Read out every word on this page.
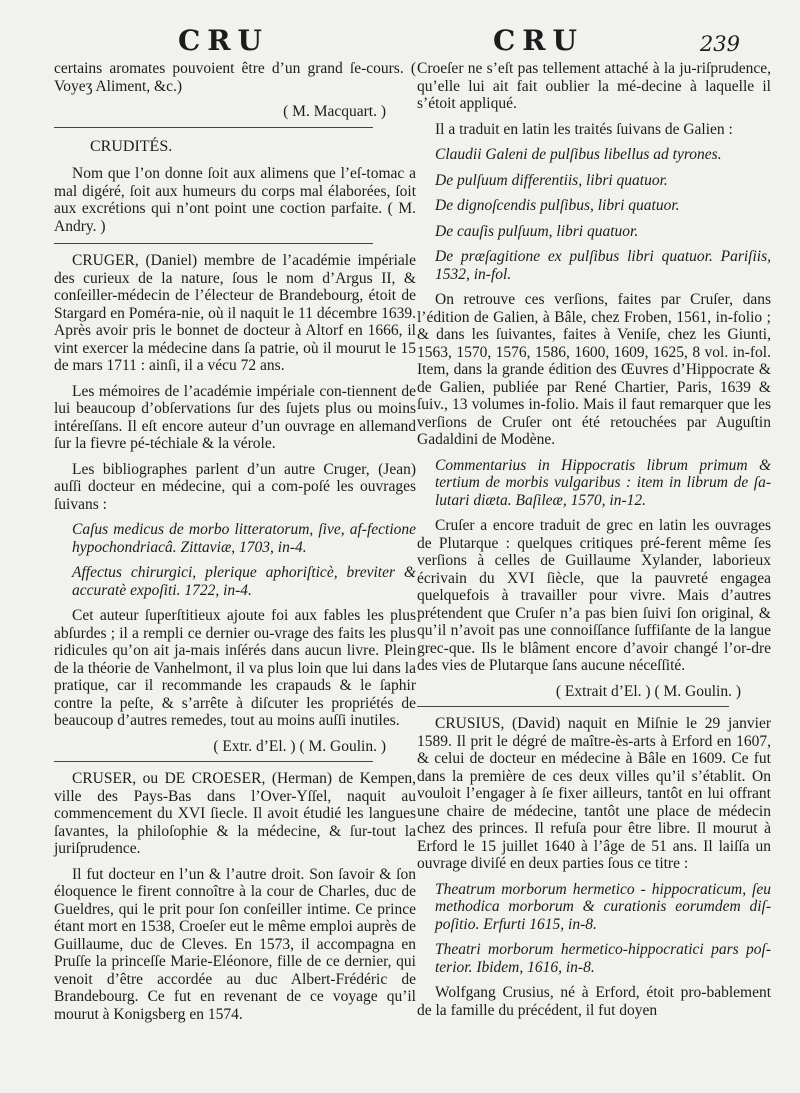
CRU	CRU	239

certains aromates pouvoient être d’un grand ſe-cours. ( Voyeʒ Aliment, &c.)

( M. Macquart. )

CRUDITÉS.

Nom que l’on donne ſoit aux alimens que l’eſ-tomac a mal digéré, ſoit aux humeurs du corps mal élaborées, ſoit aux excrétions qui n’ont point une coction parfaite. ( M. Andry. )

CRUGER, (Daniel) membre de l’académie impériale des curieux de la nature, ſous le nom d’Argus II, & conſeiller-médecin de l’électeur de Brandebourg, étoit de Stargard en Poméra-nie, où il naquit le 11 décembre 1639. Après avoir pris le bonnet de docteur à Altorf en 1666, il vint exercer la médecine dans ſa patrie, où il mourut le 15 de mars 1711 : ainſi, il a vécu 72 ans.

Les mémoires de l’académie impériale con-tiennent de lui beaucoup d’obſervations ſur des ſujets plus ou moins intéreſſans. Il eſt encore auteur d’un ouvrage en allemand ſur la fievre pé-téchiale & la vérole.

Les bibliographes parlent d’un autre Cruger, (Jean) auſſi docteur en médecine, qui a com-poſé les ouvrages ſuivans :

Caſus medicus de morbo litteratorum, ſive, af-fectione hypochondriacâ. Zittaviæ, 1703, in-4.

Affectus chirurgici, plerique aphoriſticè, breviter & accuratè expoſiti. 1722, in-4.

Cet auteur ſuperſtitieux ajoute foi aux fables les plus abſurdes ; il a rempli ce dernier ou-vrage des faits les plus ridicules qu’on ait ja-mais inſérés dans aucun livre. Plein de la théorie de Vanhelmont, il va plus loin que lui dans la pratique, car il recommande les crapauds & le ſaphir contre la peſte, & s’arrête à diſcuter les propriétés de beaucoup d’autres remedes, tout au moins auſſi inutiles.

( Extr. d’El. ) ( M. Goulin. )

CRUSER, ou DE CROESER, (Herman) de Kempen, ville des Pays-Bas dans l’Over-Yſſel, naquit au commencement du XVI ſiecle. Il avoit étudié les langues ſavantes, la philoſophie & la médecine, & ſur-tout la juriſprudence.

Il fut docteur en l’un & l’autre droit. Son ſavoir & ſon éloquence le firent connoître à la cour de Charles, duc de Gueldres, qui le prit pour ſon conſeiller intime. Ce prince étant mort en 1538, Croeſer eut le même emploi auprès de Guillaume, duc de Cleves. En 1573, il accompagna en Pruſſe la princeſſe Marie-Eléonore, fille de ce dernier, qui venoit d’être accordée au duc Albert-Frédéric de Brandebourg. Ce fut en revenant de ce voyage qu’il mourut à Konigsberg en 1574.

Croeſer ne s’eſt pas tellement attaché à la ju-riſprudence, qu’elle lui ait fait oublier la mé-decine à laquelle il s’étoit appliqué.

Il a traduit en latin les traités ſuivans de Galien :

Claudii Galeni de pulſibus libellus ad tyrones.

De pulſuum differentiis, libri quatuor.

De dignoſcendis pulſibus, libri quatuor.

De cauſis pulſuum, libri quatuor.

De præſagitione ex pulſibus libri quatuor. Pariſiis, 1532, in-fol.

On retrouve ces verſions, faites par Cruſer, dans l’édition de Galien, à Bâle, chez Froben, 1561, in-folio ; & dans les ſuivantes, faites à Veniſe, chez les Giunti, 1563, 1570, 1576, 1586, 1600, 1609, 1625, 8 vol. in-fol. Item, dans la grande édition des Œuvres d’Hippocrate & de Galien, publiée par René Chartier, Paris, 1639 & ſuiv., 13 volumes in-folio. Mais il faut remarquer que les verſions de Cruſer ont été retouchées par Auguſtin Gadaldini de Modène.

Commentarius in Hippocratis librum primum & tertium de morbis vulgaribus : item in librum de ſa-lutari diæta. Baſileæ, 1570, in-12.

Cruſer a encore traduit de grec en latin les ouvrages de Plutarque : quelques critiques pré-ferent même ſes verſions à celles de Guillaume Xylander, laborieux écrivain du XVI ſiècle, que la pauvreté engagea quelquefois à travailler pour vivre. Mais d’autres prétendent que Cruſer n’a pas bien ſuivi ſon original, & qu’il n’avoit pas une connoiſſance ſuffiſante de la langue grec-que. Ils le blâment encore d’avoir changé l’or-dre des vies de Plutarque ſans aucune néceſſité.

( Extrait d’El. ) ( M. Goulin. )

CRUSIUS, (David) naquit en Miſnie le 29 janvier 1589. Il prit le dégré de maître-ès-arts à Erford en 1607, & celui de docteur en médecine à Bâle en 1609. Ce fut dans la première de ces deux villes qu’il s’établit. On vouloit l’engager à ſe fixer ailleurs, tantôt en lui offrant une chaire de médecine, tantôt une place de médecin chez des princes. Il refuſa pour être libre. Il mourut à Erford le 15 juillet 1640 à l’âge de 51 ans. Il laiſſa un ouvrage diviſé en deux parties ſous ce titre :

Theatrum morborum hermetico - hippocraticum, ſeu methodica morborum & curationis eorumdem diſ-poſitio. Erfurti 1615, in-8.

Theatri morborum hermetico-hippocratici pars poſ-terior. Ibidem, 1616, in-8.

Wolfgang Crusius, né à Erford, étoit pro-bablement de la famille du précédent, il fut doyen
